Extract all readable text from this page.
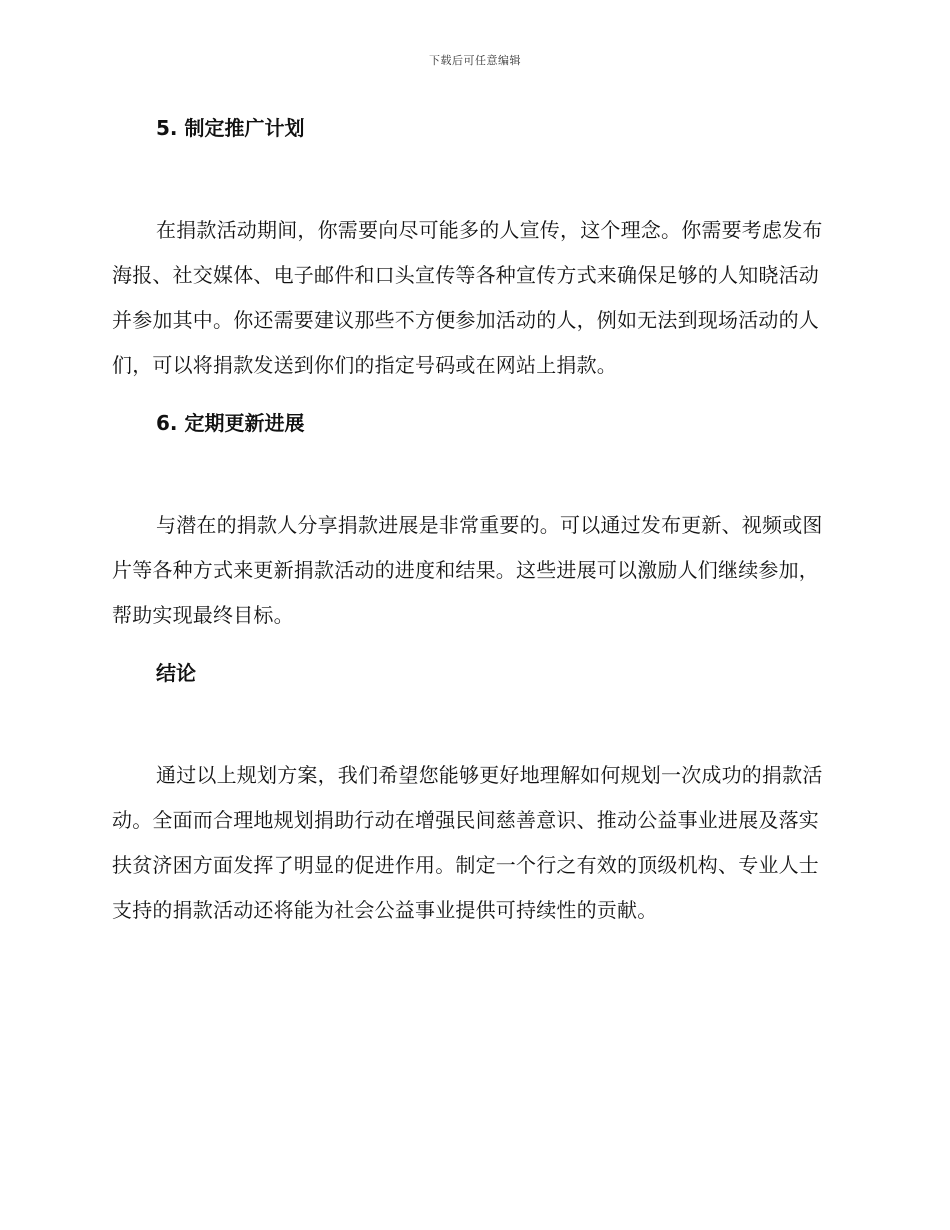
下载后可任意编辑
5. 制定推广计划
在捐款活动期间，你需要向尽可能多的人宣传，这个理念。你需要考虑发布海报、社交媒体、电子邮件和口头宣传等各种宣传方式来确保足够的人知晓活动并参加其中。你还需要建议那些不方便参加活动的人，例如无法到现场活动的人们，可以将捐款发送到你们的指定号码或在网站上捐款。
6. 定期更新进展
与潜在的捐款人分享捐款进展是非常重要的。可以通过发布更新、视频或图片等各种方式来更新捐款活动的进度和结果。这些进展可以激励人们继续参加，帮助实现最终目标。
结论
通过以上规划方案，我们希望您能够更好地理解如何规划一次成功的捐款活动。全面而合理地规划捐助行动在增强民间慈善意识、推动公益事业进展及落实扶贫济困方面发挥了明显的促进作用。制定一个行之有效的顶级机构、专业人士支持的捐款活动还将能为社会公益事业提供可持续性的贡献。
